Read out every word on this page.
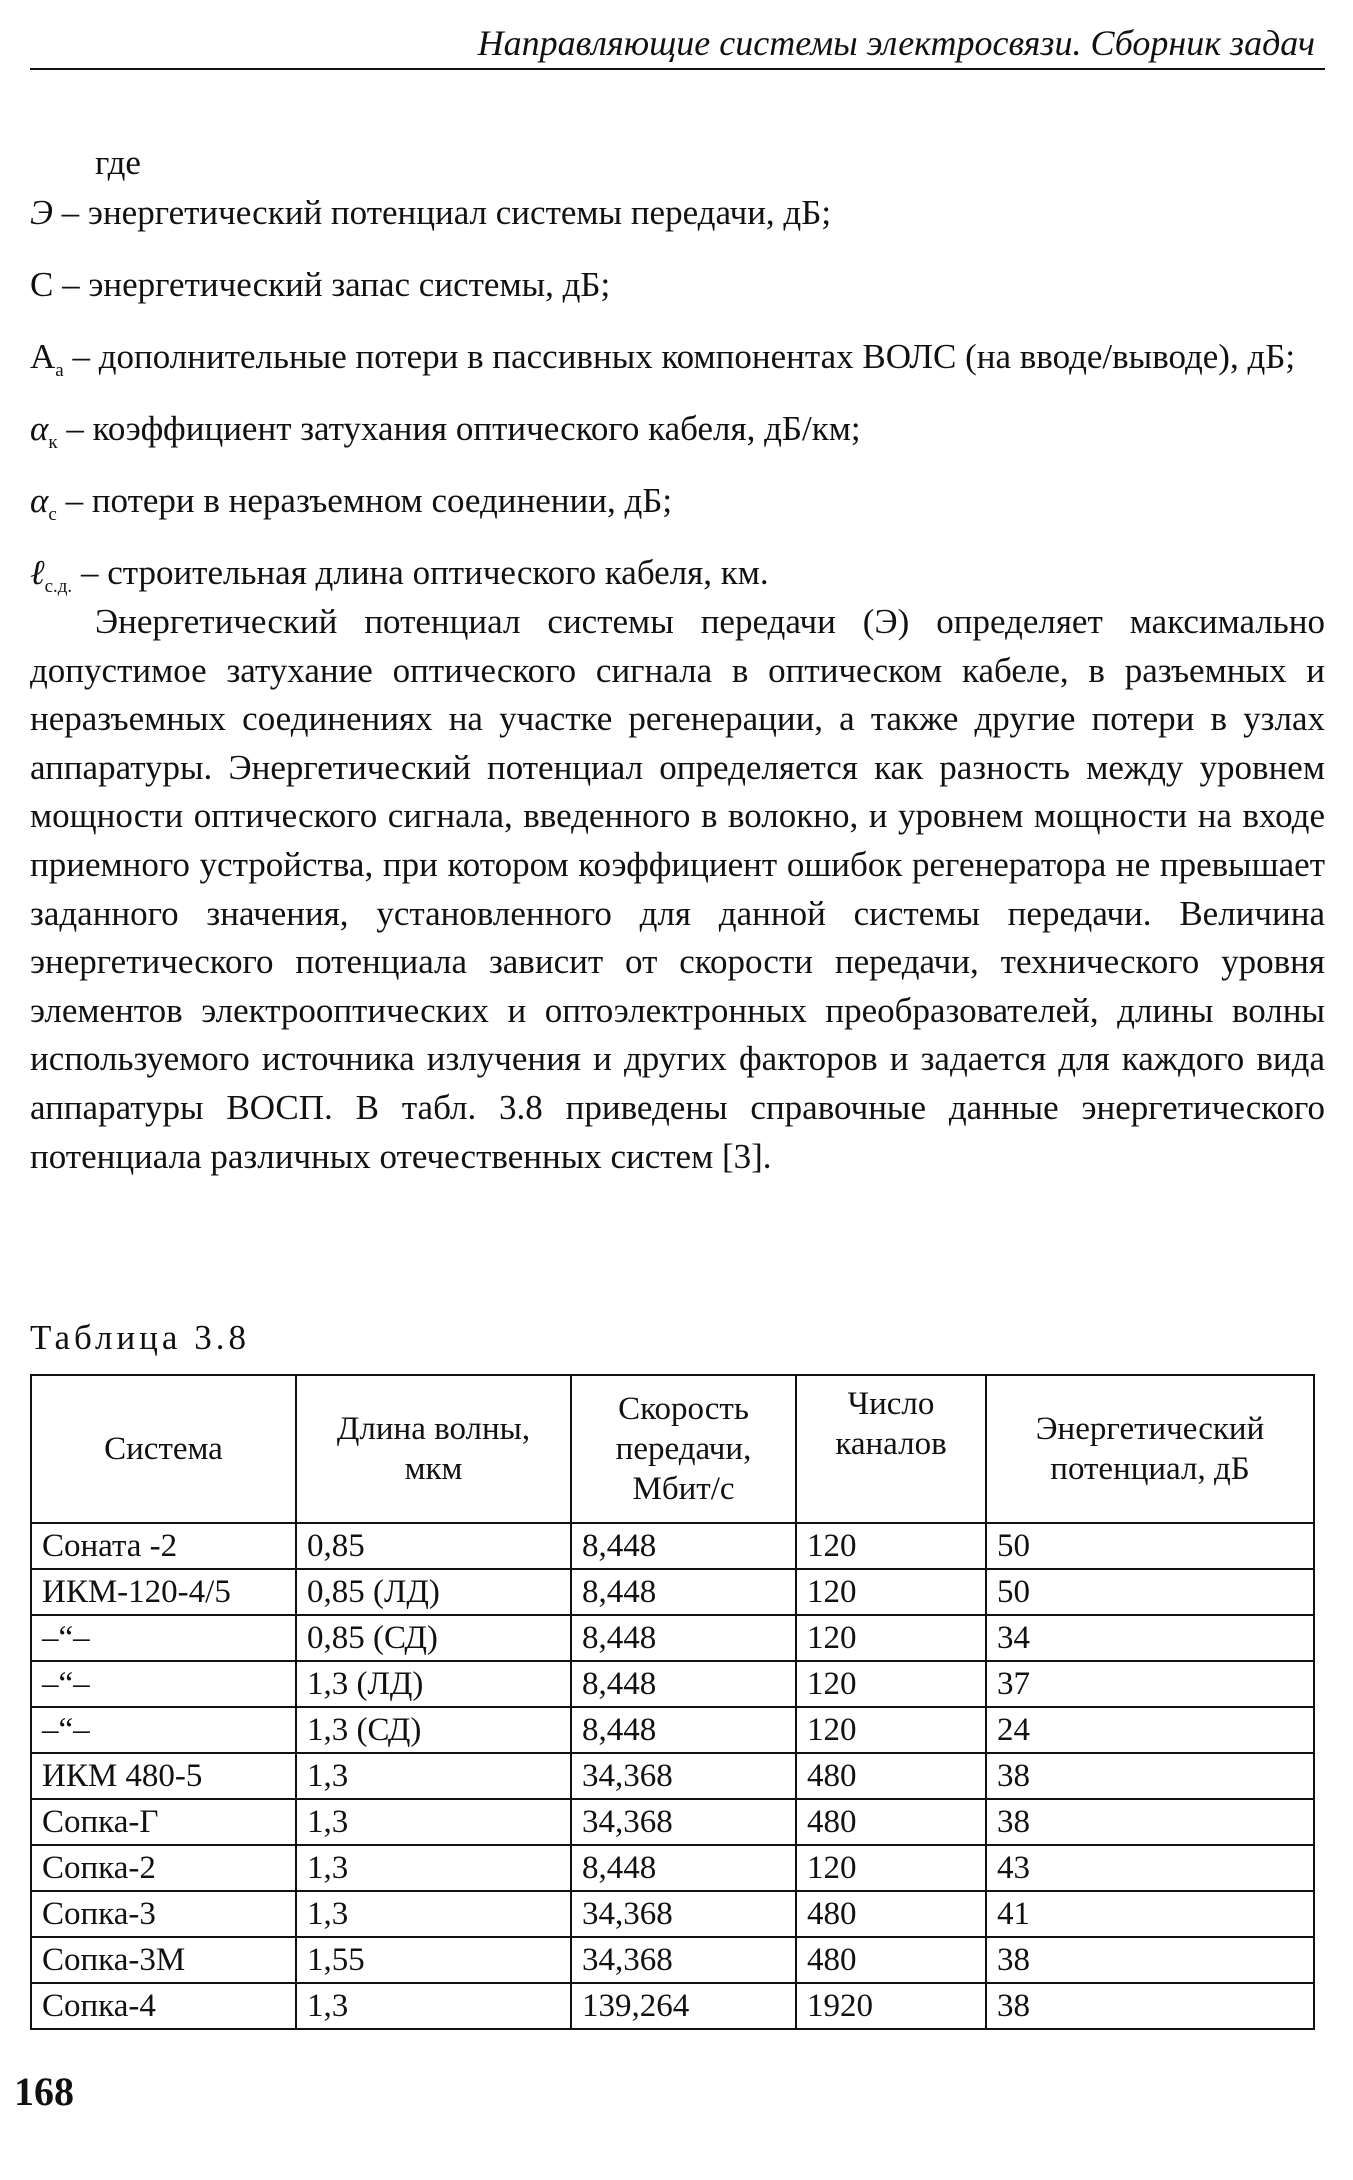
Направляющие системы электросвязи. Сборник задач
где
Э – энергетический потенциал системы передачи, дБ;
С – энергетический запас системы, дБ;
$А_а$ – дополнительные потери в пассивных компонентах ВОЛС (на вводе/выводе), дБ;
$\alpha_к$ – коэффициент затухания оптического кабеля, дБ/км;
$\alpha_с$ – потери в неразъемном соединении, дБ;
ℓ$_{с.д.}$ – строительная длина оптического кабеля, км.

Энергетический потенциал системы передачи (Э) определяет максимально допустимое затухание оптического сигнала в оптическом кабеле, в разъемных и неразъемных соединениях на участке регенерации, а также другие потери в узлах аппаратуры. Энергетический потенциал определяется как разность между уровнем мощности оптического сигнала, введенного в волокно, и уровнем мощности на входе приемного устройства, при котором коэффициент ошибок регенератора не превышает заданного значения, установленного для данной системы передачи. Величина энергетического потенциала зависит от скорости передачи, технического уровня элементов электрооптических и оптоэлектронных преобразователей, длины волны используемого источника излучения и других факторов и задается для каждого вида аппаратуры ВОСП. В табл. 3.8 приведены справочные данные энергетического потенциала различных отечественных систем [3].

Таблица 3.8
Система	Длина волны, мкм	Скорость передачи, Мбит/с	Число каналов	Энергетический потенциал, дБ
Соната -2	0,85	8,448	120	50
ИКМ-120-4/5	0,85 (ЛД)	8,448	120	50
–“–	0,85 (СД)	8,448	120	34
–“–	1,3 (ЛД)	8,448	120	37
–“–	1,3 (СД)	8,448	120	24
ИКМ 480-5	1,3	34,368	480	38
Сопка-Г	1,3	34,368	480	38
Сопка-2	1,3	8,448	120	43
Сопка-3	1,3	34,368	480	41
Сопка-3М	1,55	34,368	480	38
Сопка-4	1,3	139,264	1920	38
168
